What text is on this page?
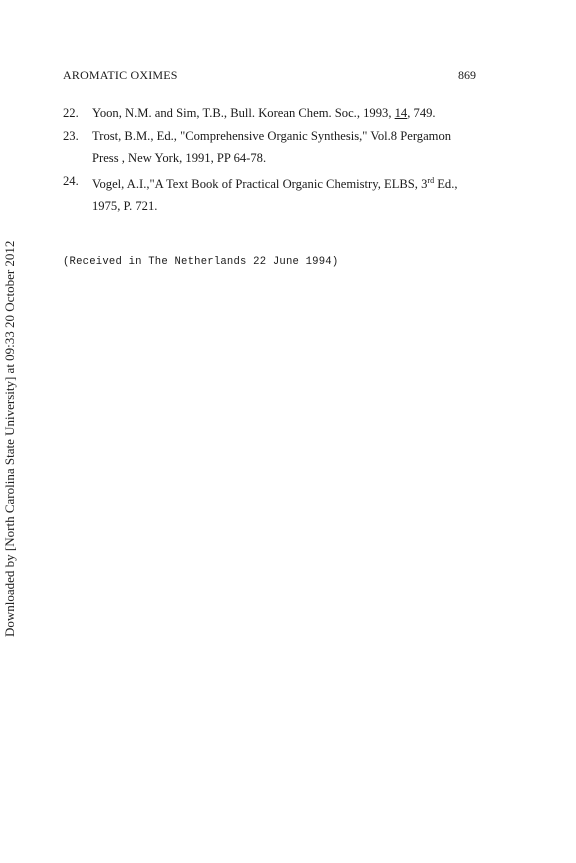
AROMATIC OXIMES	869
22. Yoon, N.M. and Sim, T.B., Bull. Korean Chem. Soc., 1993, 14, 749.
23. Trost, B.M., Ed., "Comprehensive Organic Synthesis," Vol.8 Pergamon
Press , New York, 1991, PP 64-78.
24. Vogel, A.I.,"A Text Book of Practical Organic Chemistry, ELBS, 3rd Ed.,
1975, P. 721.
(Received in The Netherlands 22 June 1994)
Downloaded by [North Carolina State University] at 09:33 20 October 2012
